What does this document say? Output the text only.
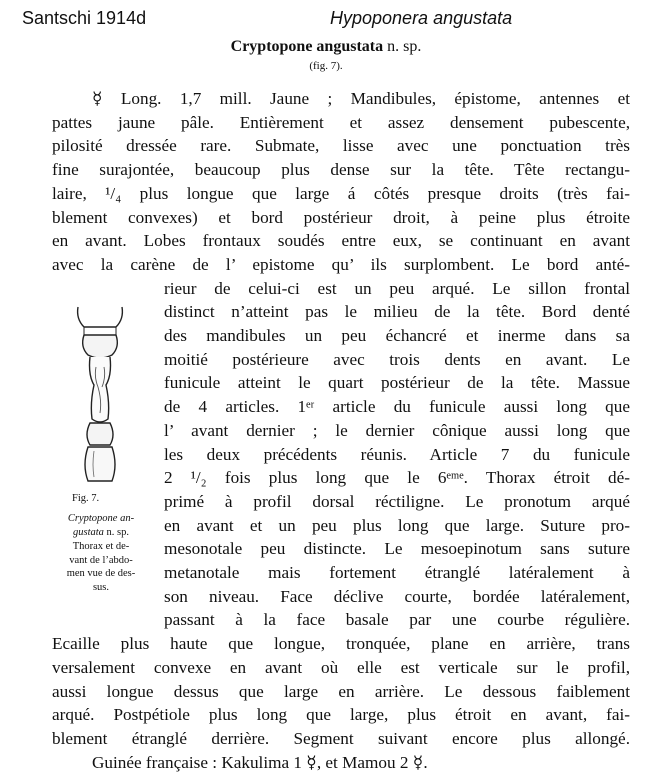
Santschi 1914d	Hypoponera angustata
Cryptopone angustata n. sp.
(fig. 7).
☿ Long. 1,7 mill. Jaune ; Mandibules, épistome, antennes et
pattes jaune pâle. Entièrement et assez densement pubescente,
pilosité dressée rare. Submate, lisse avec une ponctuation très
fine surajontée, beaucoup plus dense sur la tête. Tête rectangu-
laire, ¹/₄ plus longue que large á côtés presque droits (très fai-
blement convexes) et bord postérieur droit, à peine plus étroite
en avant. Lobes frontaux soudés entre eux, se continuant en avant
avec la carène de l’ epistome qu’ ils surplombent. Le bord anté-
rieur de celui-ci est un peu arqué. Le sillon frontal
distinct n’atteint pas le milieu de la tête. Bord denté
des mandibules un peu échancré et inerme dans sa
moitié postérieure avec trois dents en avant. Le
funicule atteint le quart postérieur de la tête. Massue
de 4 articles. 1ᵉʳ article du funicule aussi long que
l’ avant dernier ; le dernier cônique aussi long que
les deux précédents réunis. Article 7 du funicule
2 ¹/₂ fois plus long que le 6ᵉᵐᵉ. Thorax étroit dé-
primé à profil dorsal réctiligne. Le pronotum arqué
en avant et un peu plus long que large. Suture pro-
mesonotale peu distincte. Le mesoepinotum sans suture
metanotale mais fortement étranglé latéralement à
son niveau. Face déclive courte, bordée latéralement,
passant à la face basale par une courbe régulière.
Ecaille plus haute que longue, tronquée, plane en arrière, trans
versalement convexe en avant où elle est verticale sur le profil,
aussi longue dessus que large en arrière. Le dessous faiblement
arqué. Postpétiole plus long que large, plus étroit en avant, fai-
blement étranglé derrière. Segment suivant encore plus allongé.
Guinée française : Kakulima 1 ☿, et Mamou 2 ☿.
Fig. 7.
Cryptopone an-
gustata n. sp.
Thorax et de-
vant de l’abdo-
men vue de des-
sus.
